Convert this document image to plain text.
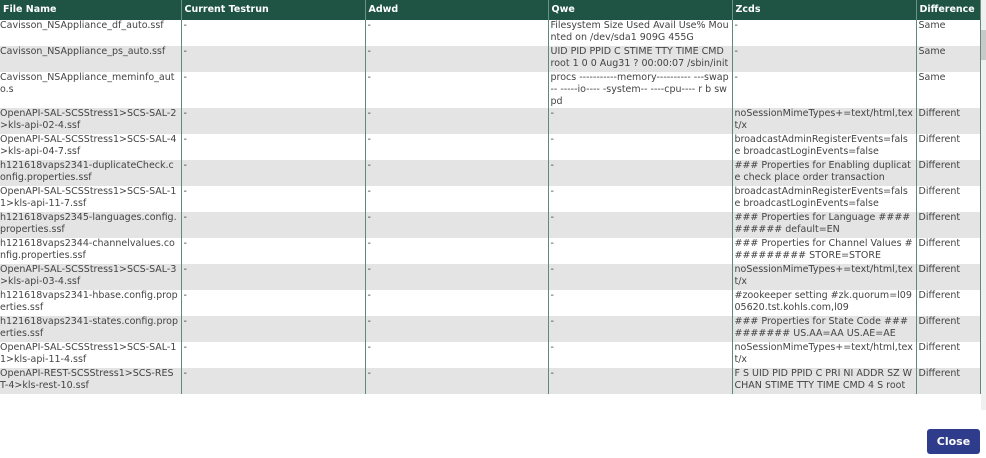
File Name	Current Testrun	Adwd	Qwe	Zcds	Difference
Cavisson_NSAppliance_df_auto.ssf	-	-	Filesystem Size Used Avail Use% Mounted on /dev/sda1 909G 455G	-	Same
Cavisson_NSAppliance_ps_auto.ssf	-	-	UID PID PPID C STIME TTY TIME CMD root 1 0 0 Aug31 ? 00:00:07 /sbin/init	-	Same
Cavisson_NSAppliance_meminfo_auto.s	-	-	procs -----------memory---------- ---swap-- -----io---- -system-- ----cpu---- r b swpd	-	Same
OpenAPI-SAL-SCSStress1>SCS-SAL-2>kls-api-02-4.ssf	-	-	-	noSessionMimeTypes+=text/html,text/x	Different
OpenAPI-SAL-SCSStress1>SCS-SAL-4>kls-api-04-7.ssf	-	-	-	broadcastAdminRegisterEvents=false broadcastLoginEvents=false	Different
h121618vaps2341-duplicateCheck.config.properties.ssf	-	-	-	### Properties for Enabling duplicate check place order transaction	Different
OpenAPI-SAL-SCSStress1>SCS-SAL-11>kls-api-11-7.ssf	-	-	-	broadcastAdminRegisterEvents=false broadcastLoginEvents=false	Different
h121618vaps2345-languages.config.properties.ssf	-	-	-	### Properties for Language ########## default=EN	Different
h121618vaps2344-channelvalues.config.properties.ssf	-	-	-	### Properties for Channel Values ########## STORE=STORE	Different
OpenAPI-SAL-SCSStress1>SCS-SAL-3>kls-api-03-4.ssf	-	-	-	noSessionMimeTypes+=text/html,text/x	Different
h121618vaps2341-hbase.config.properties.ssf	-	-	-	#zookeeper setting #zk.quorum=l0905620.tst.kohls.com,l09	Different
h121618vaps2341-states.config.properties.ssf	-	-	-	### Properties for State Code ########## US.AA=AA US.AE=AE	Different
OpenAPI-SAL-SCSStress1>SCS-SAL-11>kls-api-11-4.ssf	-	-	-	noSessionMimeTypes+=text/html,text/x	Different
OpenAPI-REST-SCSStress1>SCS-REST-4>kls-rest-10.ssf	-	-	-	F S UID PID PPID C PRI NI ADDR SZ WCHAN STIME TTY TIME CMD 4 S root	Different
Close
